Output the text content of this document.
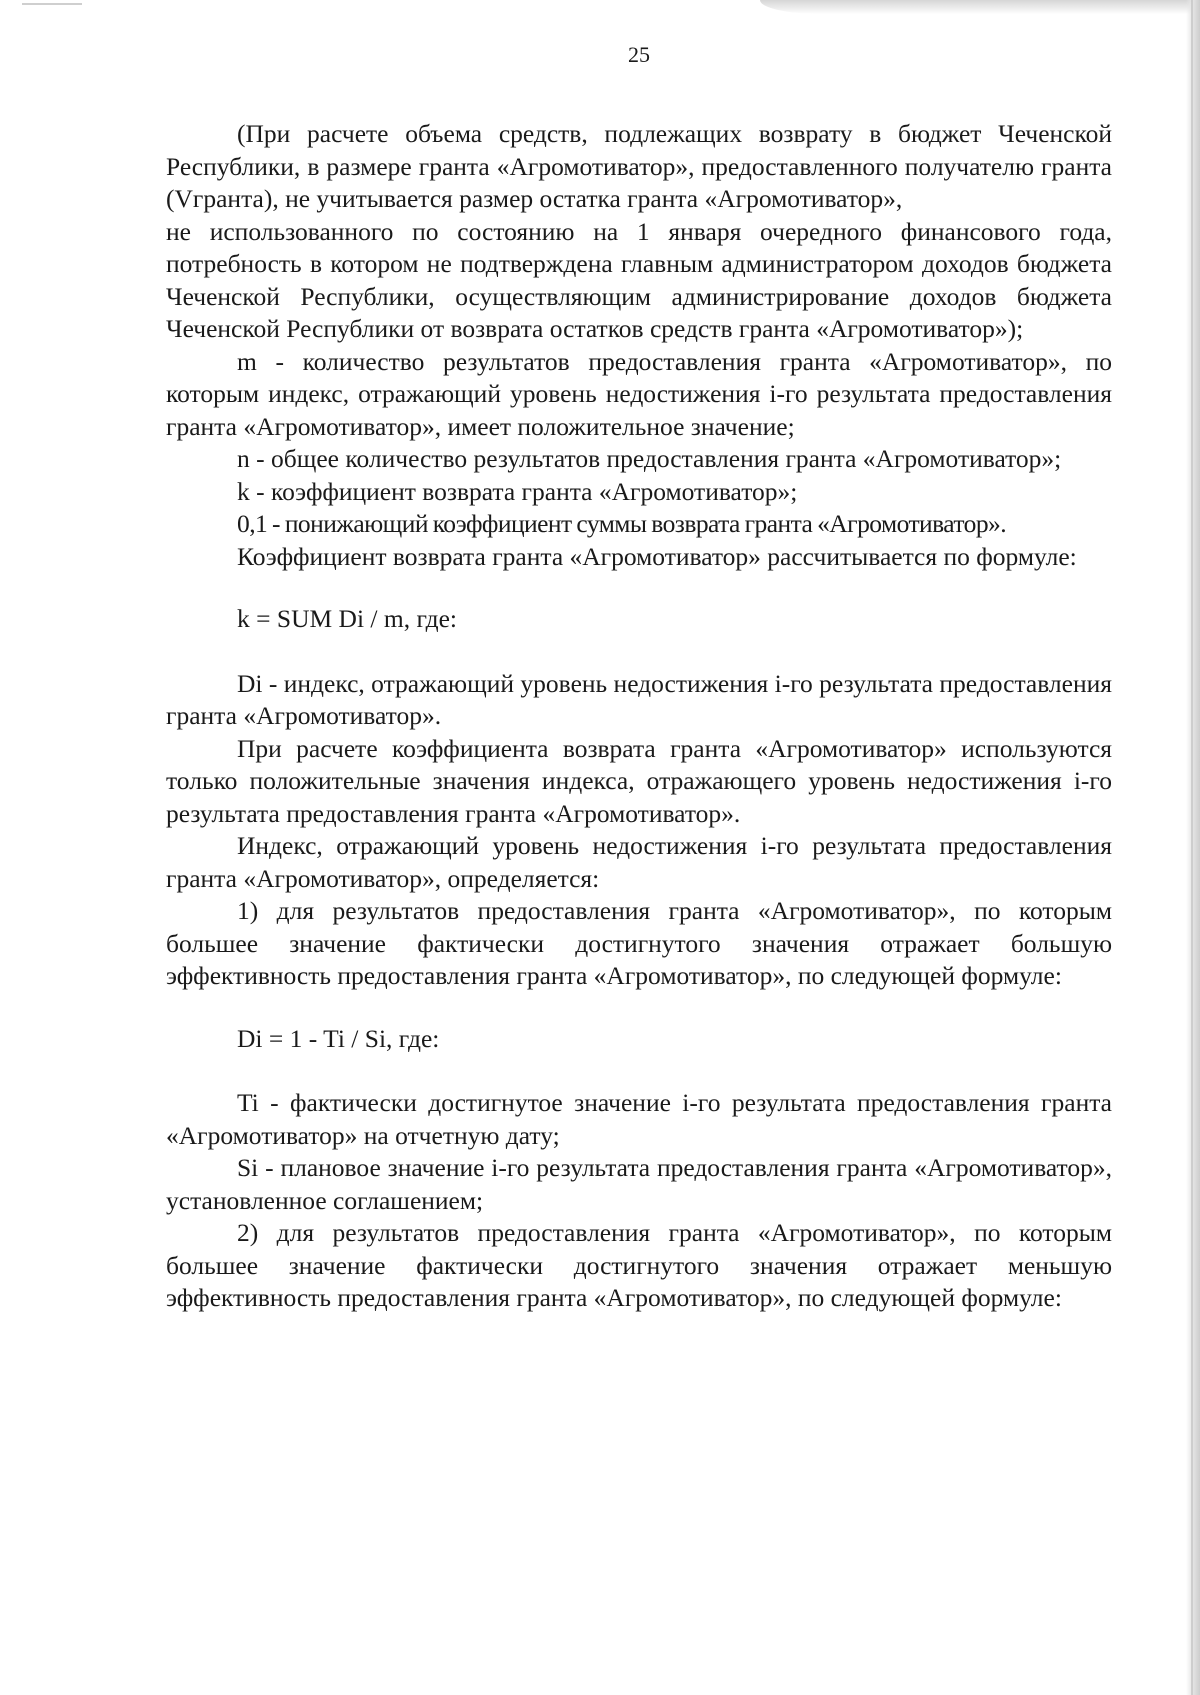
25

(При расчете объема средств, подлежащих возврату в бюджет Чеченской Республики, в размере гранта «Агромотиватор», предоставленного получателю гранта (Vгранта), не учитывается размер остатка гранта «Агромотиватор»,

не использованного по состоянию на 1 января очередного финансового года, потребность в котором не подтверждена главным администратором доходов бюджета Чеченской Республики, осуществляющим администрирование доходов бюджета Чеченской Республики от возврата остатков средств гранта «Агромотиватор»);

m - количество результатов предоставления гранта «Агромотиватор», по которым индекс, отражающий уровень недостижения i-го результата предоставления гранта «Агромотиватор», имеет положительное значение;

n - общее количество результатов предоставления гранта «Агромотиватор»;

k - коэффициент возврата гранта «Агромотиватор»;

0,1 - понижающий коэффициент суммы возврата гранта «Агромотиватор».

Коэффициент возврата гранта «Агромотиватор» рассчитывается по формуле:

k = SUM Di / m, где:

Di - индекс, отражающий уровень недостижения i-го результата предоставления гранта «Агромотиватор».

При расчете коэффициента возврата гранта «Агромотиватор» используются только положительные значения индекса, отражающего уровень недостижения i-го результата предоставления гранта «Агромотиватор».

Индекс, отражающий уровень недостижения i-го результата предоставления гранта «Агромотиватор», определяется:

1) для результатов предоставления гранта «Агромотиватор», по которым большее значение фактически достигнутого значения отражает большую эффективность предоставления гранта «Агромотиватор», по следующей формуле:

Di = 1 - Ti / Si, где:

Ti - фактически достигнутое значение i-го результата предоставления гранта «Агромотиватор» на отчетную дату;

Si - плановое значение i-го результата предоставления гранта «Агромотиватор», установленное соглашением;

2) для результатов предоставления гранта «Агромотиватор», по которым большее значение фактически достигнутого значения отражает меньшую эффективность предоставления гранта «Агромотиватор», по следующей формуле:
